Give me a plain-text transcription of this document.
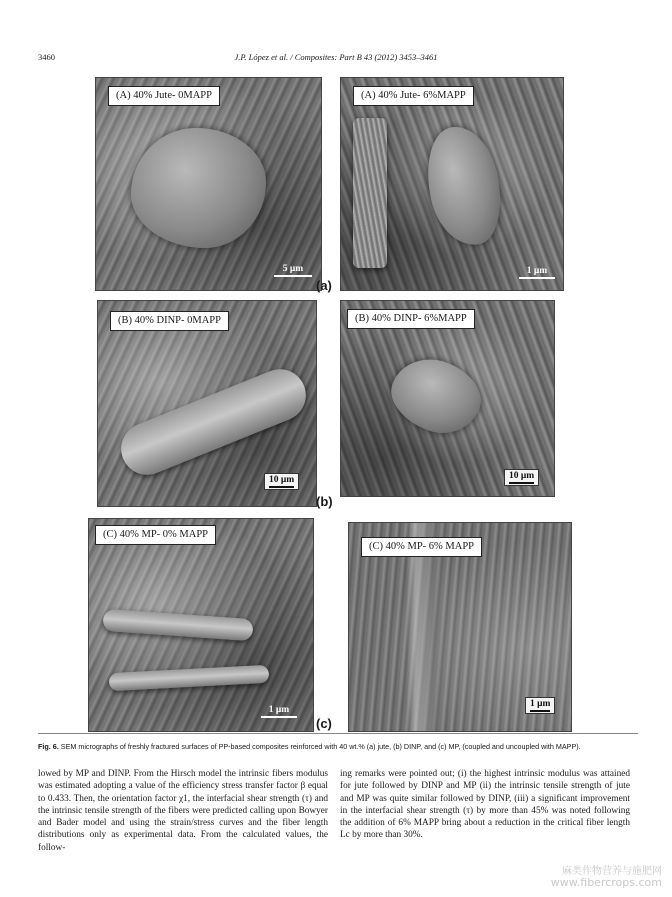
3460	J.P. López et al. / Composites: Part B 43 (2012) 3453–3461
(A) 40% Jute- 0MAPP
5 μm
(A) 40% Jute- 6%MAPP
1 μm
(a)
(B) 40% DINP- 0MAPP
10 μm
(B) 40% DINP- 6%MAPP
10 μm
(b)
(C) 40% MP- 0% MAPP
1 μm
(C) 40% MP- 6% MAPP
1 μm
(c)
Fig. 6. SEM micrographs of freshly fractured surfaces of PP-based composites reinforced with 40 wt.% (a) jute, (b) DINP, and (c) MP, (coupled and uncoupled with MAPP).
lowed by MP and DINP. From the Hirsch model the intrinsic fibers modulus was estimated adopting a value of the efficiency stress transfer factor β equal to 0.433. Then, the orientation factor χ1, the interfacial shear strength (τ) and the intrinsic tensile strength of the fibers were predicted calling upon Bowyer and Bader model and using the strain/stress curves and the fiber length distributions only as experimental data. From the calculated values, the follow-
ing remarks were pointed out; (i) the highest intrinsic modulus was attained for jute followed by DINP and MP (ii) the intrinsic tensile strength of jute and MP was quite similar followed by DINP, (iii) a significant improvement in the interfacial shear strength (τ) by more than 45% was noted following the addition of 6% MAPP bring about a reduction in the critical fiber length Lc by more than 30%.
麻类作物营养与施肥网
www.fibercrops.com
